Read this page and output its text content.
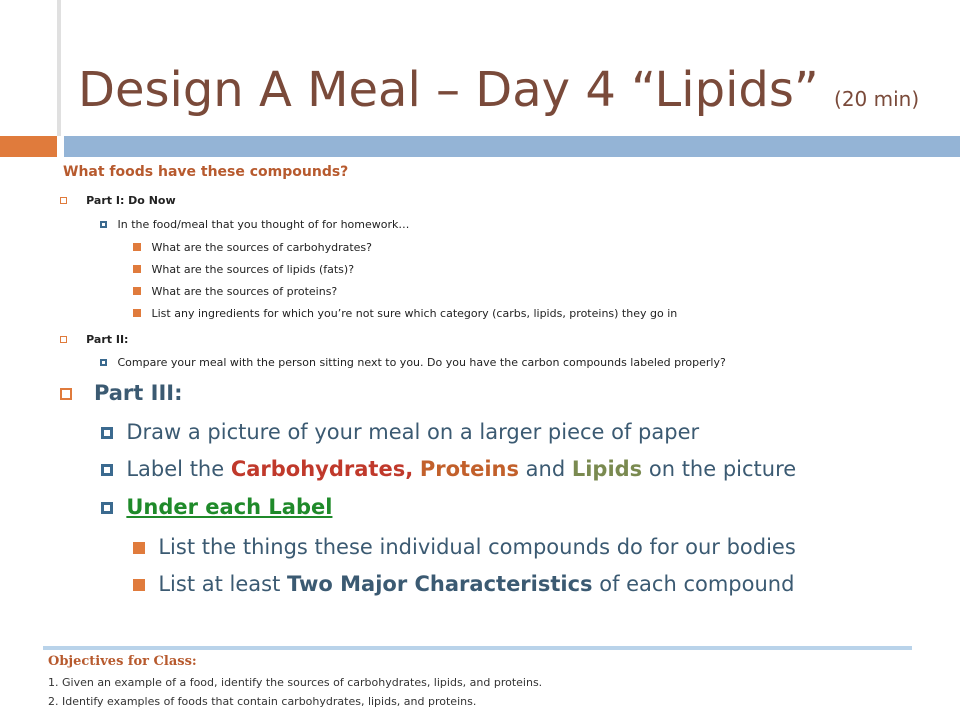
Design A Meal – Day 4 “Lipids” (20 min)
What foods have these compounds?
Part I: Do Now
In the food/meal that you thought of for homework…
What are the sources of carbohydrates?
What are the sources of lipids (fats)?
What are the sources of proteins?
List any ingredients for which you’re not sure which category (carbs, lipids, proteins) they go in
Part II:
Compare your meal with the person sitting next to you. Do you have the carbon compounds labeled properly?
Part III:
Draw a picture of your meal on a larger piece of paper
Label the Carbohydrates, Proteins and Lipids on the picture
Under each Label
List the things these individual compounds do for our bodies
List at least Two Major Characteristics of each compound
Objectives for Class:
1. Given an example of a food, identify the sources of carbohydrates, lipids, and proteins.
2. Identify examples of foods that contain carbohydrates, lipids, and proteins.
